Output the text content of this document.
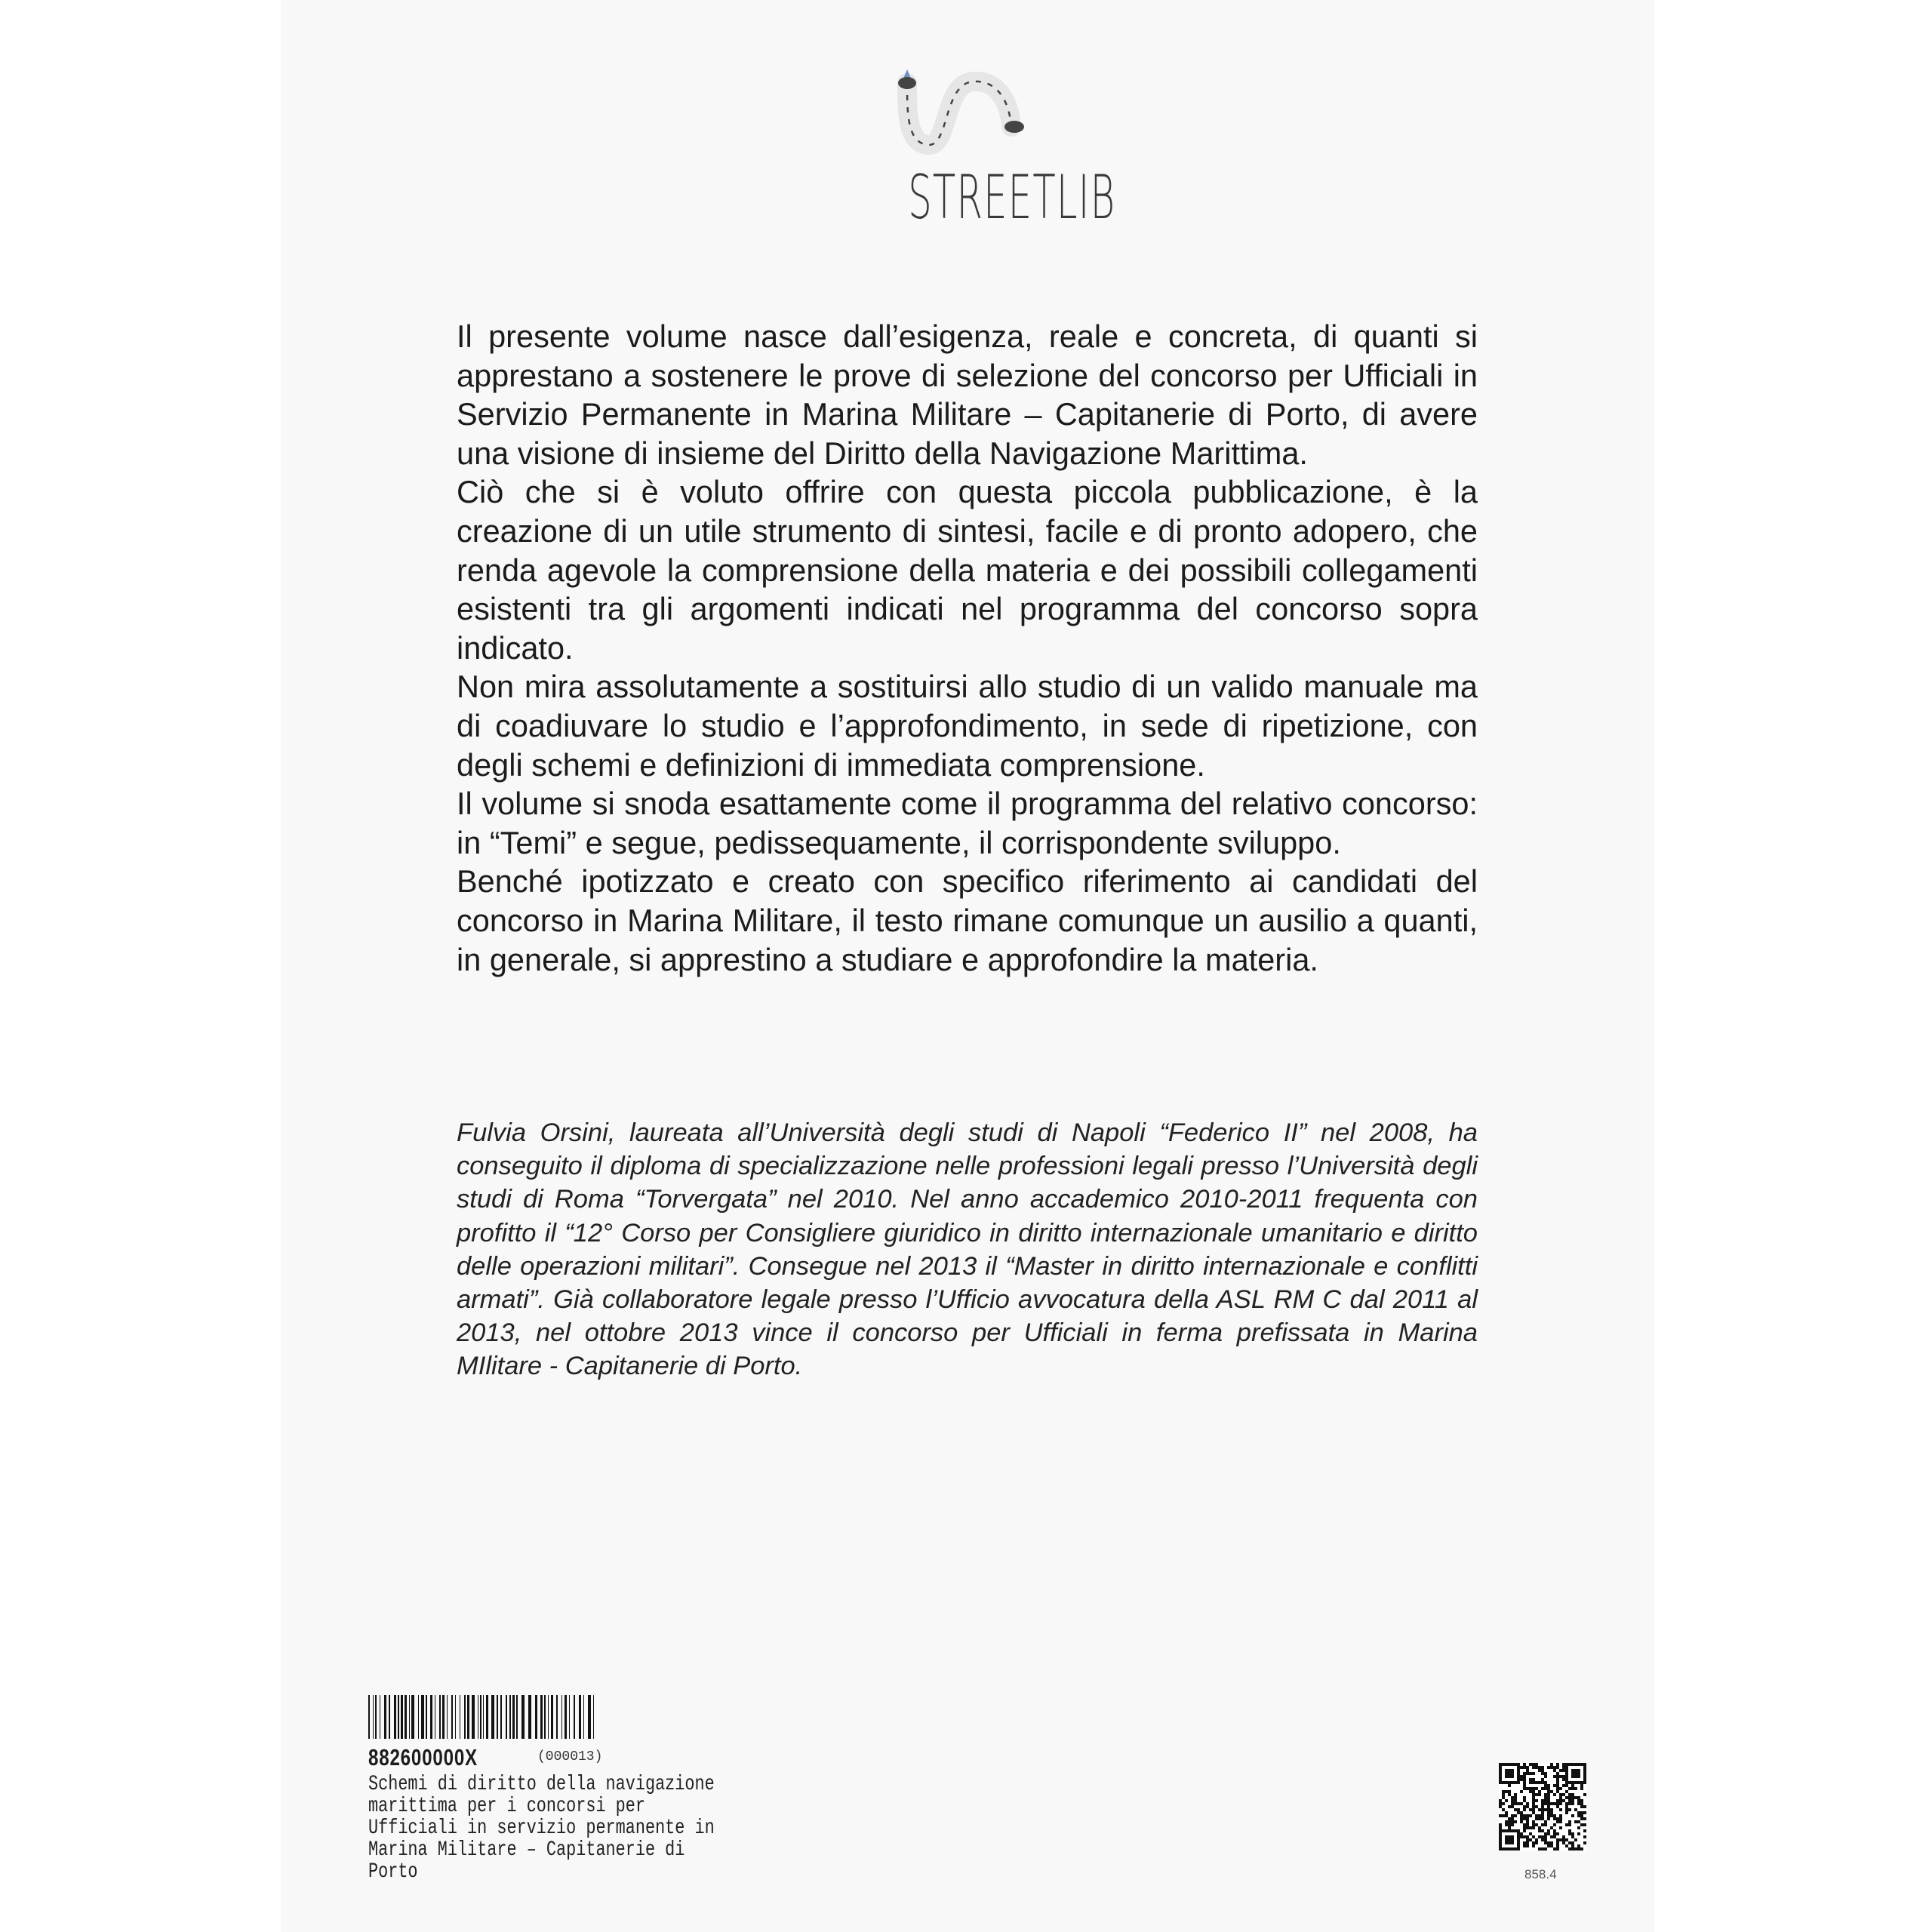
STREETLIB

Il presente volume nasce dall’esigenza, reale e concreta, di quanti si apprestano a sostenere le prove di selezione del concorso per Ufficiali in Servizio Permanente in Marina Militare – Capitanerie di Porto, di avere una visione di insieme del Diritto della Navigazione Marittima.

Ciò che si è voluto offrire con questa piccola pubblicazione, è la creazione di un utile strumento di sintesi, facile e di pronto adopero, che renda agevole la comprensione della materia e dei possibili collegamenti esistenti tra gli argomenti indicati nel programma del concorso sopra indicato.

Non mira assolutamente a sostituirsi allo studio di un valido manuale ma di coadiuvare lo studio e l’approfondimento, in sede di ripetizione, con degli schemi e definizioni di immediata comprensione.

Il volume si snoda esattamente come il programma del relativo concorso: in “Temi” e segue, pedissequamente, il corrispondente sviluppo.

Benché ipotizzato e creato con specifico riferimento ai candidati del concorso in Marina Militare, il testo rimane comunque un ausilio a quanti, in generale, si apprestino a studiare e approfondire la materia.

Fulvia Orsini, laureata all’Università degli studi di Napoli “Federico II” nel 2008, ha conseguito il diploma di specializzazione nelle professioni legali presso l’Università degli studi di Roma “Torvergata” nel 2010. Nel anno accademico 2010-2011 frequenta con profitto il “12° Corso per Consigliere giuridico in diritto internazionale umanitario e diritto delle operazioni militari”. Consegue nel 2013 il “Master in diritto internazionale e conflitti armati”. Già collaboratore legale presso l’Ufficio avvocatura della ASL RM C dal 2011 al 2013, nel ottobre 2013 vince il concorso per Ufficiali in ferma prefissata in Marina MIlitare - Capitanerie di Porto.
882600000X	(000013)
Schemi di diritto della navigazione marittima per i concorsi per Ufficiali in servizio permanente in Marina Militare – Capitanerie di Porto	858.4
